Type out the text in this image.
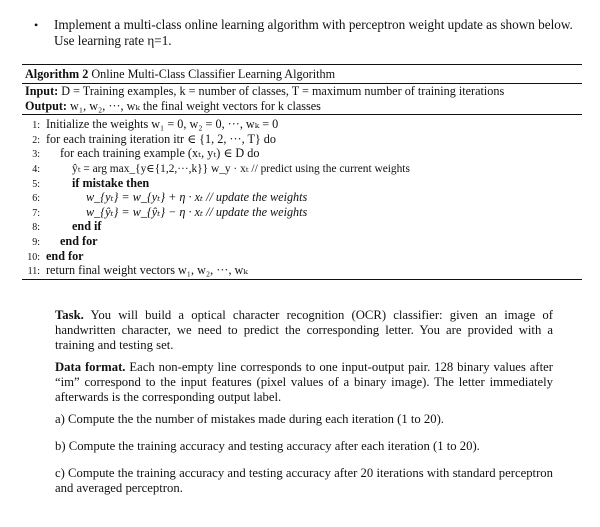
• Implement a multi-class online learning algorithm with perceptron weight update as shown below. Use learning rate η=1.
Algorithm 2 Online Multi-Class Classifier Learning Algorithm
Input: D = Training examples, k = number of classes, T = maximum number of training iterations
Output: w₁, w₂, ···, wₖ the final weight vectors for k classes
1: Initialize the weights w₁ = 0, w₂ = 0, ···, wₖ = 0
2: for each training iteration itr ∈ {1, 2, ···, T} do
3: for each training example (xₜ, yₜ) ∈ D do
4:	ŷₜ = arg max_{y∈{1,2,···,k}} w_y · xₜ // predict using the current weights
5:	if mistake then
6:	w_{yₜ} = w_{yₜ} + η · xₜ // update the weights
7:	w_{ŷₜ} = w_{ŷₜ} − η · xₜ // update the weights
8:	end if
9: end for
10: end for
11: return final weight vectors w₁, w₂, ···, wₖ

Task. You will build a optical character recognition (OCR) classifier: given an image of handwritten character, we need to predict the corresponding letter. You are provided with a training and testing set.

Data format. Each non-empty line corresponds to one input-output pair. 128 binary values after “im” correspond to the input features (pixel values of a binary image). The letter immediately afterwards is the corresponding output label.

a) Compute the the number of mistakes made during each iteration (1 to 20).

b) Compute the training accuracy and testing accuracy after each iteration (1 to 20).

c) Compute the training accuracy and testing accuracy after 20 iterations with standard perceptron and averaged perceptron.
